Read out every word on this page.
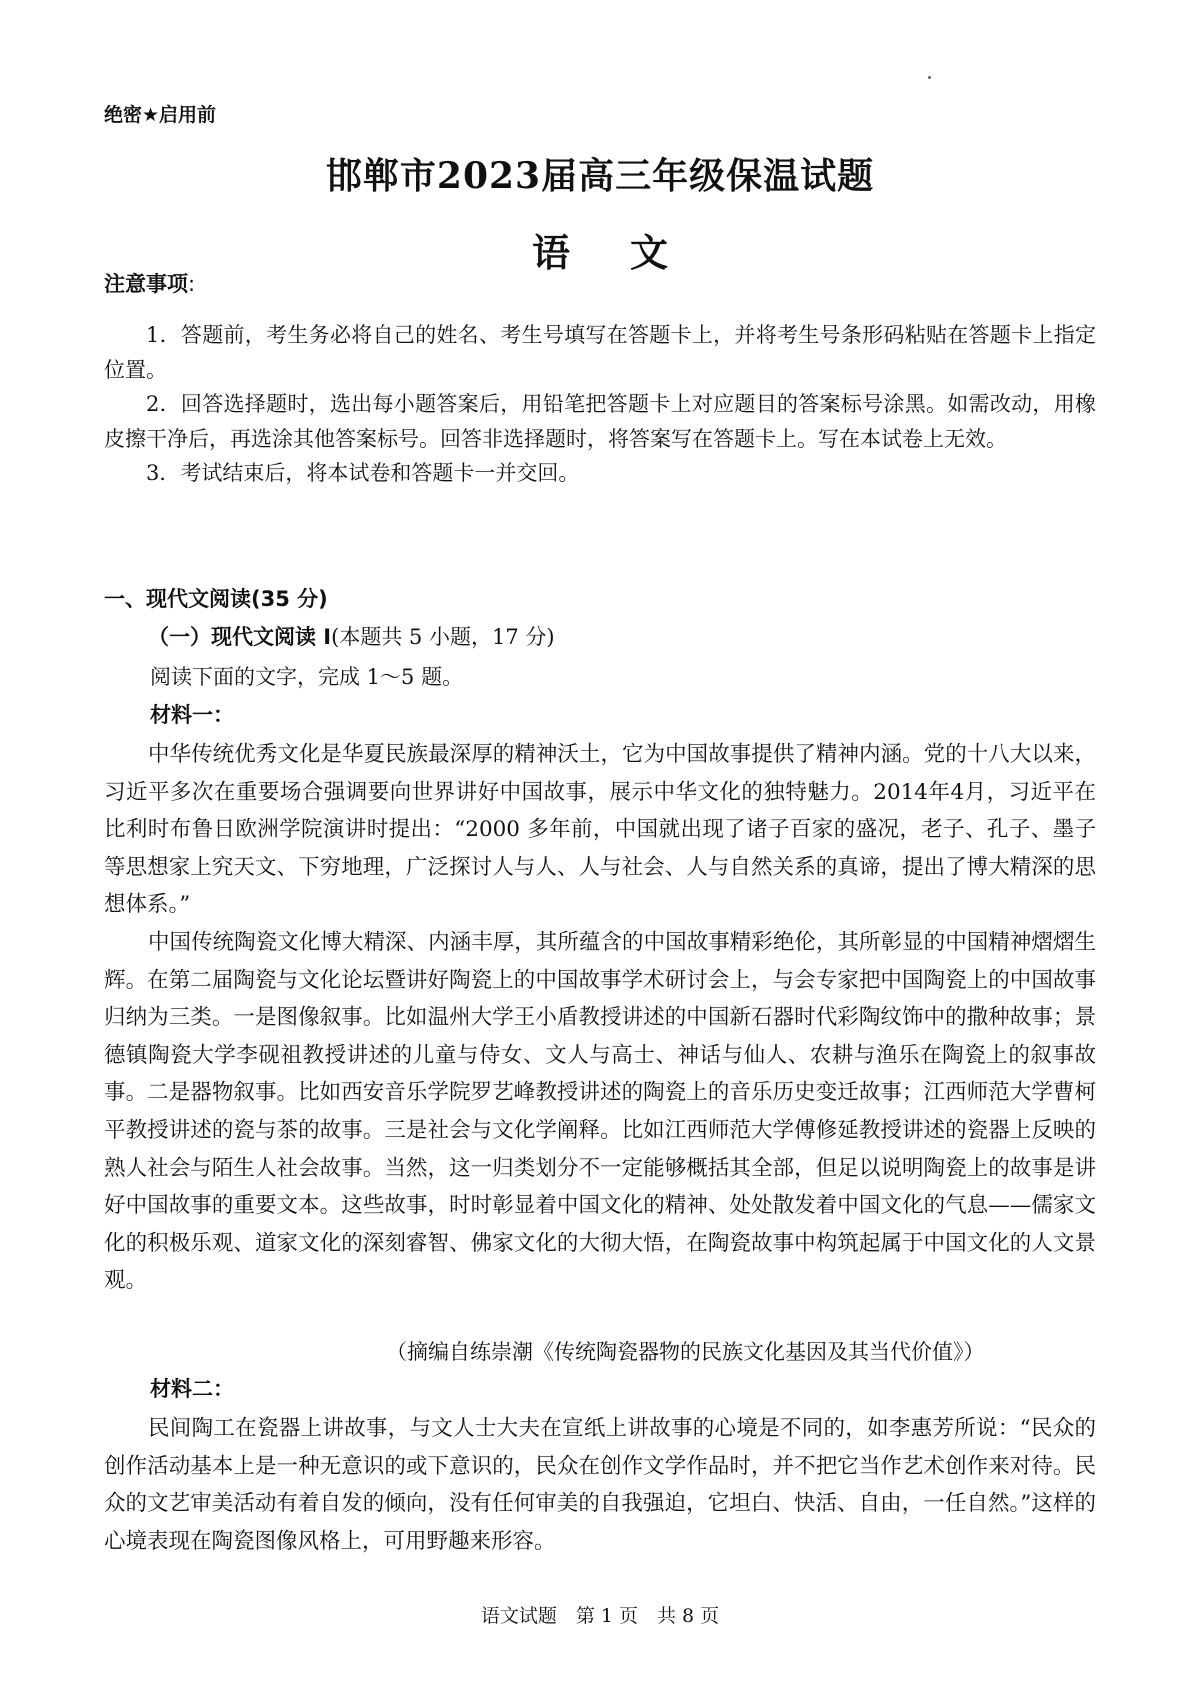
绝密★启用前
邯郸市2023届高三年级保温试题
语文
注意事项:

1．答题前，考生务必将自己的姓名、考生号填写在答题卡上，并将考生号条形码粘贴在答题卡上指定位置。

2．回答选择题时，选出每小题答案后，用铅笔把答题卡上对应题目的答案标号涂黑。如需改动，用橡皮擦干净后，再选涂其他答案标号。回答非选择题时，将答案写在答题卡上。写在本试卷上无效。

3．考试结束后，将本试卷和答题卡一并交回。

一、现代文阅读(35 分)
（一）现代文阅读 Ⅰ(本题共 5 小题，17 分)
阅读下面的文字，完成 1～5 题。
材料一：

中华传统优秀文化是华夏民族最深厚的精神沃土，它为中国故事提供了精神内涵。党的十八大以来，习近平多次在重要场合强调要向世界讲好中国故事，展示中华文化的独特魅力。2014年4月，习近平在比利时布鲁日欧洲学院演讲时提出：“2000 多年前，中国就出现了诸子百家的盛况，老子、孔子、墨子等思想家上究天文、下穷地理，广泛探讨人与人、人与社会、人与自然关系的真谛，提出了博大精深的思想体系。”

中国传统陶瓷文化博大精深、内涵丰厚，其所蕴含的中国故事精彩绝伦，其所彰显的中国精神熠熠生辉。在第二届陶瓷与文化论坛暨讲好陶瓷上的中国故事学术研讨会上，与会专家把中国陶瓷上的中国故事归纳为三类。一是图像叙事。比如温州大学王小盾教授讲述的中国新石器时代彩陶纹饰中的撒种故事；景德镇陶瓷大学李砚祖教授讲述的儿童与侍女、文人与高士、神话与仙人、农耕与渔乐在陶瓷上的叙事故事。二是器物叙事。比如西安音乐学院罗艺峰教授讲述的陶瓷上的音乐历史变迁故事；江西师范大学曹柯平教授讲述的瓷与茶的故事。三是社会与文化学阐释。比如江西师范大学傅修延教授讲述的瓷器上反映的熟人社会与陌生人社会故事。当然，这一归类划分不一定能够概括其全部，但足以说明陶瓷上的故事是讲好中国故事的重要文本。这些故事，时时彰显着中国文化的精神、处处散发着中国文化的气息——儒家文化的积极乐观、道家文化的深刻睿智、佛家文化的大彻大悟，在陶瓷故事中构筑起属于中国文化的人文景观。

（摘编自练崇潮《传统陶瓷器物的民族文化基因及其当代价值》）
材料二：

民间陶工在瓷器上讲故事，与文人士大夫在宣纸上讲故事的心境是不同的，如李惠芳所说：“民众的创作活动基本上是一种无意识的或下意识的，民众在创作文学作品时，并不把它当作艺术创作来对待。民众的文艺审美活动有着自发的倾向，没有任何审美的自我强迫，它坦白、快活、自由，一任自然。”这样的心境表现在陶瓷图像风格上，可用野趣来形容。

语文试题　第 1 页　共 8 页
